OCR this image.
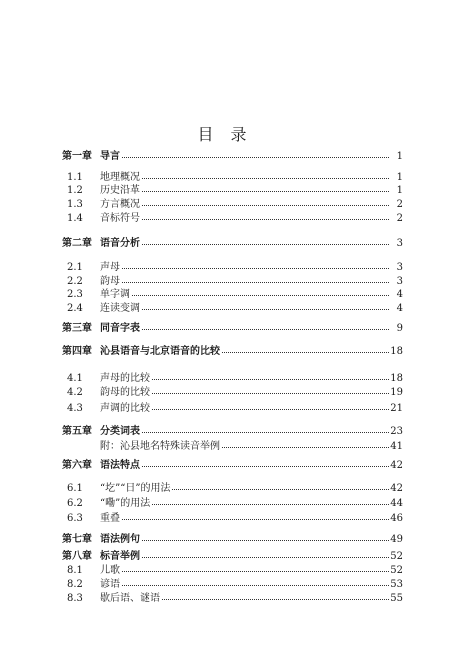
目 录
第一章 导言	1
1.1 地理概况	1
1.2 历史沿革	1
1.3 方言概况	2
1.4 音标符号	2
第二章 语音分析	3
2.1 声母	3
2.2 韵母	3
2.3 单字调	4
2.4 连读变调	4
第三章 同音字表	9
第四章 沁县语音与北京语音的比较	18
4.1 声母的比较	18
4.2 韵母的比较	19
4.3 声调的比较	21
第五章 分类词表	23
附：沁县地名特殊读音举例	41
第六章 语法特点	42
6.1 “圪”“日”的用法	42
6.2 “嘞”的用法	44
6.3 重叠	46
第七章 语法例句	49
第八章 标音举例	52
8.1 儿歌	52
8.2 谚语	53
8.3 歇后语、谜语	55
